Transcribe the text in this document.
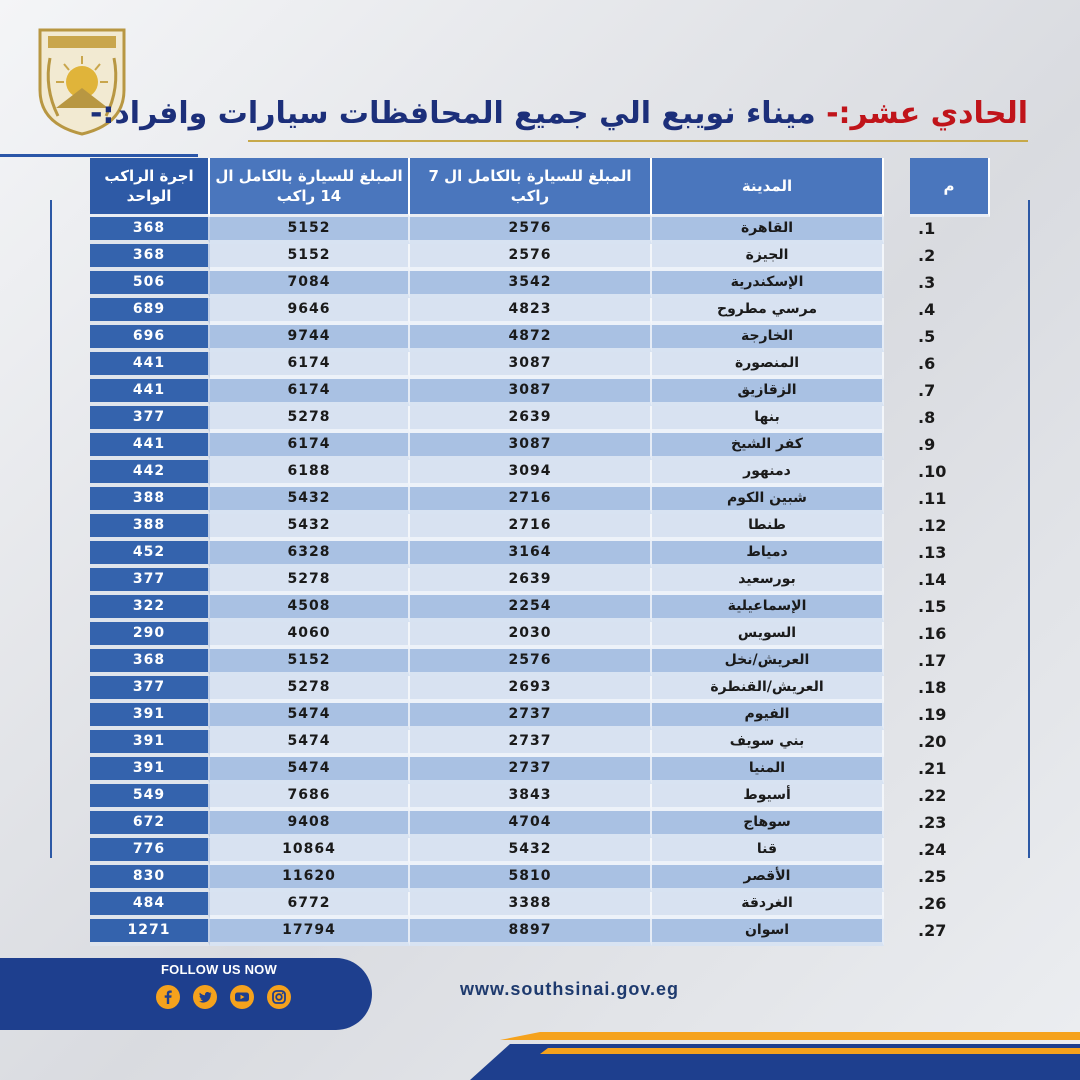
الحادي عشر:- ميناء نويبع الي جميع المحافظات سيارات وافراد:-
م		المدينة	المبلغ للسيارة بالكامل ال 7 راكب	المبلغ للسيارة بالكامل ال 14 راكب	اجرة الراكب الواحد
1.		القاهرة	2576	5152	368
2.		الجيزة	2576	5152	368
3.		الإسكندرية	3542	7084	506
4.		مرسي مطروح	4823	9646	689
5.		الخارجة	4872	9744	696
6.		المنصورة	3087	6174	441
7.		الزقازيق	3087	6174	441
8.		بنها	2639	5278	377
9.		كفر الشيخ	3087	6174	441
10.		دمنهور	3094	6188	442
11.		شبين الكوم	2716	5432	388
12.		طنطا	2716	5432	388
13.		دمياط	3164	6328	452
14.		بورسعيد	2639	5278	377
15.		الإسماعيلية	2254	4508	322
16.		السويس	2030	4060	290
17.		العريش/نخل	2576	5152	368
18.		العريش/القنطرة	2693	5278	377
19.		الفيوم	2737	5474	391
20.		بني سويف	2737	5474	391
21.		المنيا	2737	5474	391
22.		أسيوط	3843	7686	549
23.		سوهاج	4704	9408	672
24.		قنا	5432	10864	776
25.		الأقصر	5810	11620	830
26.		الغردقة	3388	6772	484
27.		اسوان	8897	17794	1271
FOLLOW US NOW
www.southsinai.gov.eg
